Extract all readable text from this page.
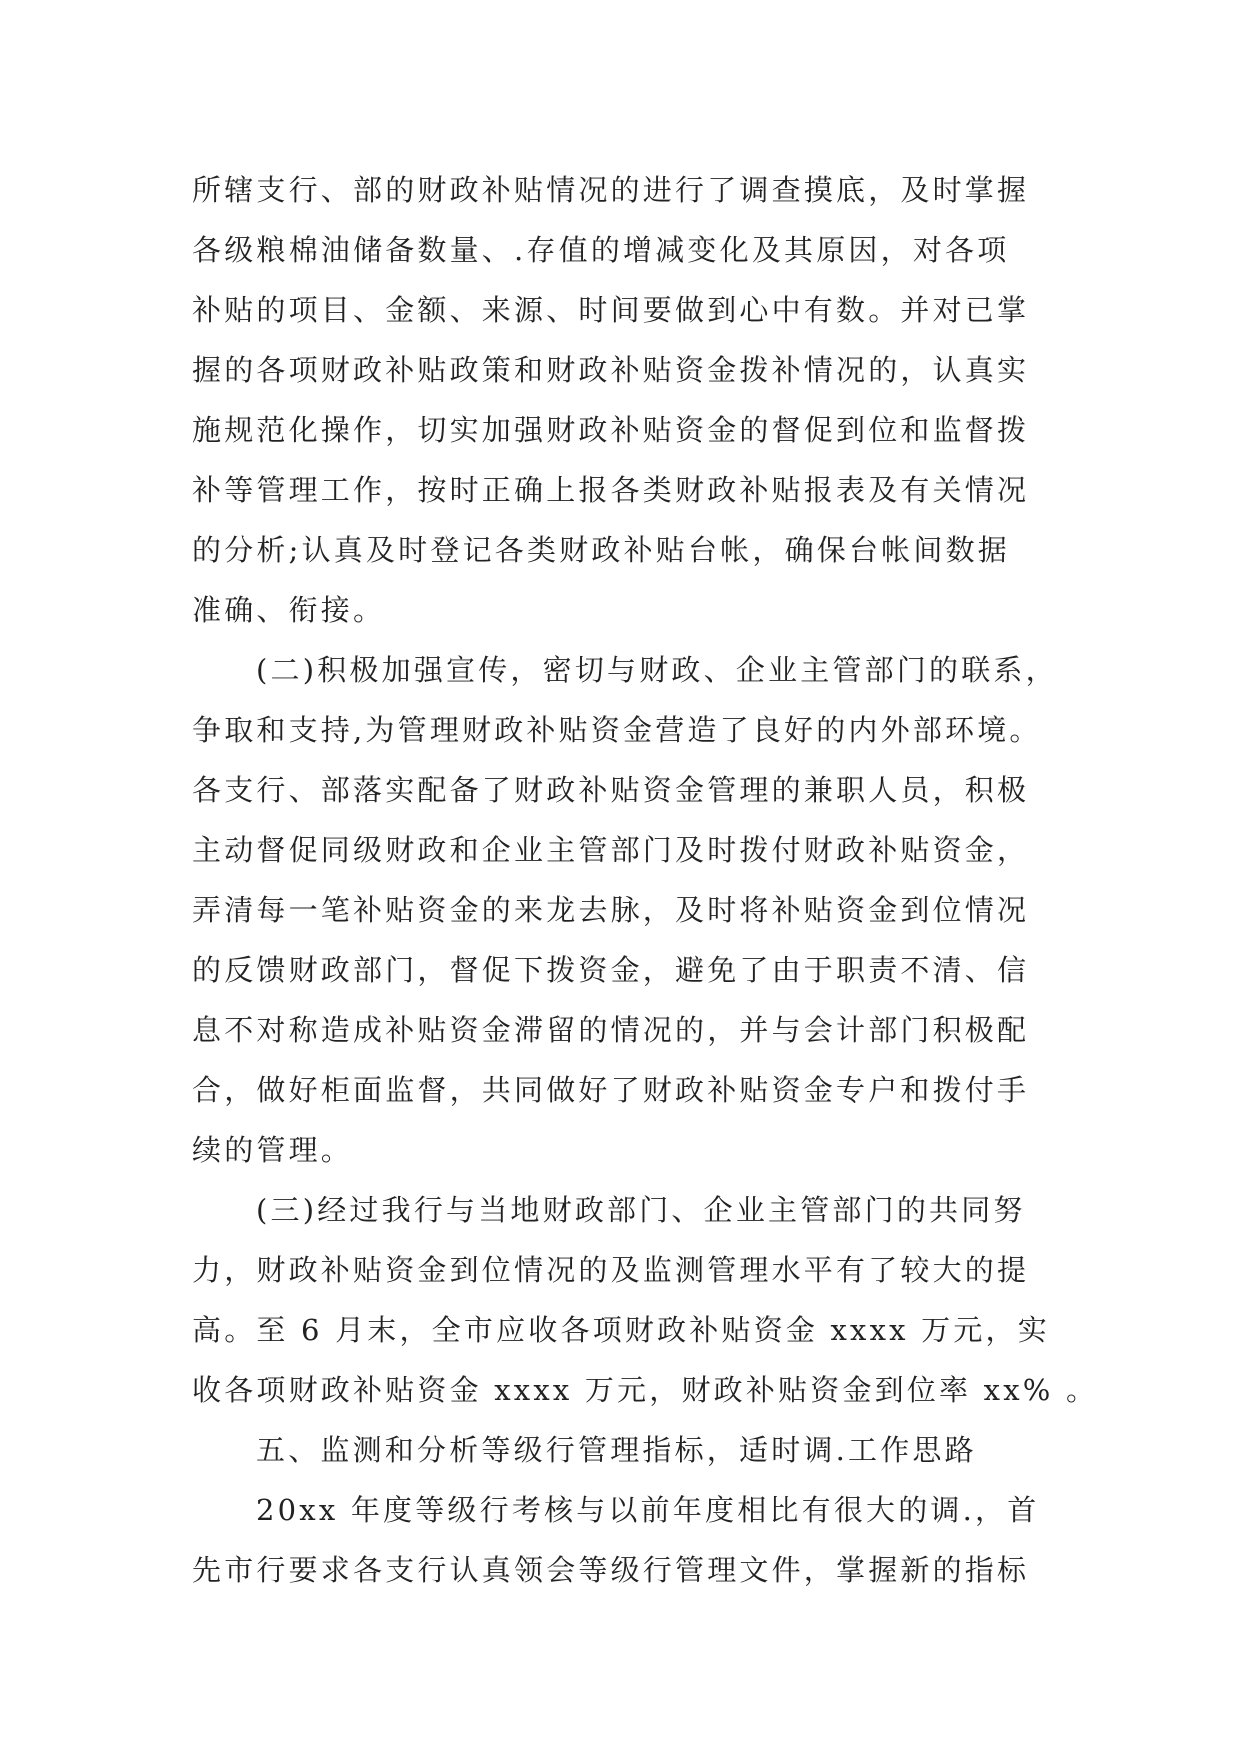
所辖支行、部的财政补贴情况的进行了调查摸底，及时掌握
各级粮棉油储备数量、.存值的增减变化及其原因，对各项
补贴的项目、金额、来源、时间要做到心中有数。并对已掌
握的各项财政补贴政策和财政补贴资金拨补情况的，认真实
施规范化操作，切实加强财政补贴资金的督促到位和监督拨
补等管理工作，按时正确上报各类财政补贴报表及有关情况
的分析;认真及时登记各类财政补贴台帐，确保台帐间数据
准确、衔接。
(二)积极加强宣传，密切与财政、企业主管部门的联系，
争取和支持,为管理财政补贴资金营造了良好的内外部环境。
各支行、部落实配备了财政补贴资金管理的兼职人员，积极
主动督促同级财政和企业主管部门及时拨付财政补贴资金，
弄清每一笔补贴资金的来龙去脉，及时将补贴资金到位情况
的反馈财政部门，督促下拨资金，避免了由于职责不清、信
息不对称造成补贴资金滞留的情况的，并与会计部门积极配
合，做好柜面监督，共同做好了财政补贴资金专户和拨付手
续的管理。
(三)经过我行与当地财政部门、企业主管部门的共同努
力，财政补贴资金到位情况的及监测管理水平有了较大的提
高。至 6 月末，全市应收各项财政补贴资金 xxxx 万元，实
收各项财政补贴资金 xxxx 万元，财政补贴资金到位率 xx% 。
五、监测和分析等级行管理指标，适时调.工作思路
20xx 年度等级行考核与以前年度相比有很大的调.，首
先市行要求各支行认真领会等级行管理文件，掌握新的指标
